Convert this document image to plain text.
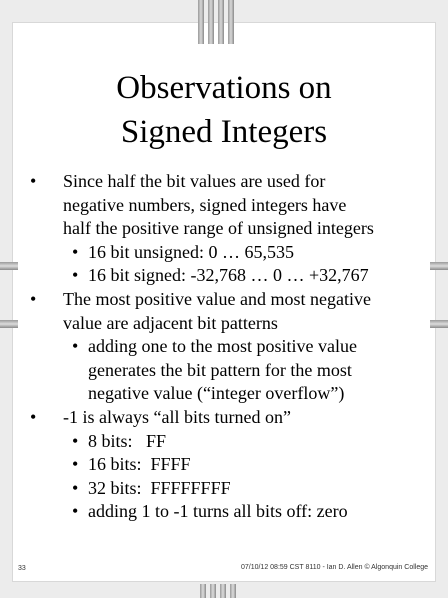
Observations on
Signed Integers
• Since half the bit values are used for
negative numbers, signed integers have
half the positive range of unsigned integers
• 16 bit unsigned: 0 … 65,535
• 16 bit signed: -32,768 … 0 … +32,767
• The most positive value and most negative
value are adjacent bit patterns
• adding one to the most positive value
generates the bit pattern for the most
negative value (“integer overflow”)
• -1 is always “all bits turned on”
• 8 bits:   FF
• 16 bits:  FFFF
• 32 bits:  FFFFFFFF
• adding 1 to -1 turns all bits off: zero
33	07/10/12 08:59 CST 8110 - Ian D. Allen © Algonquin College
